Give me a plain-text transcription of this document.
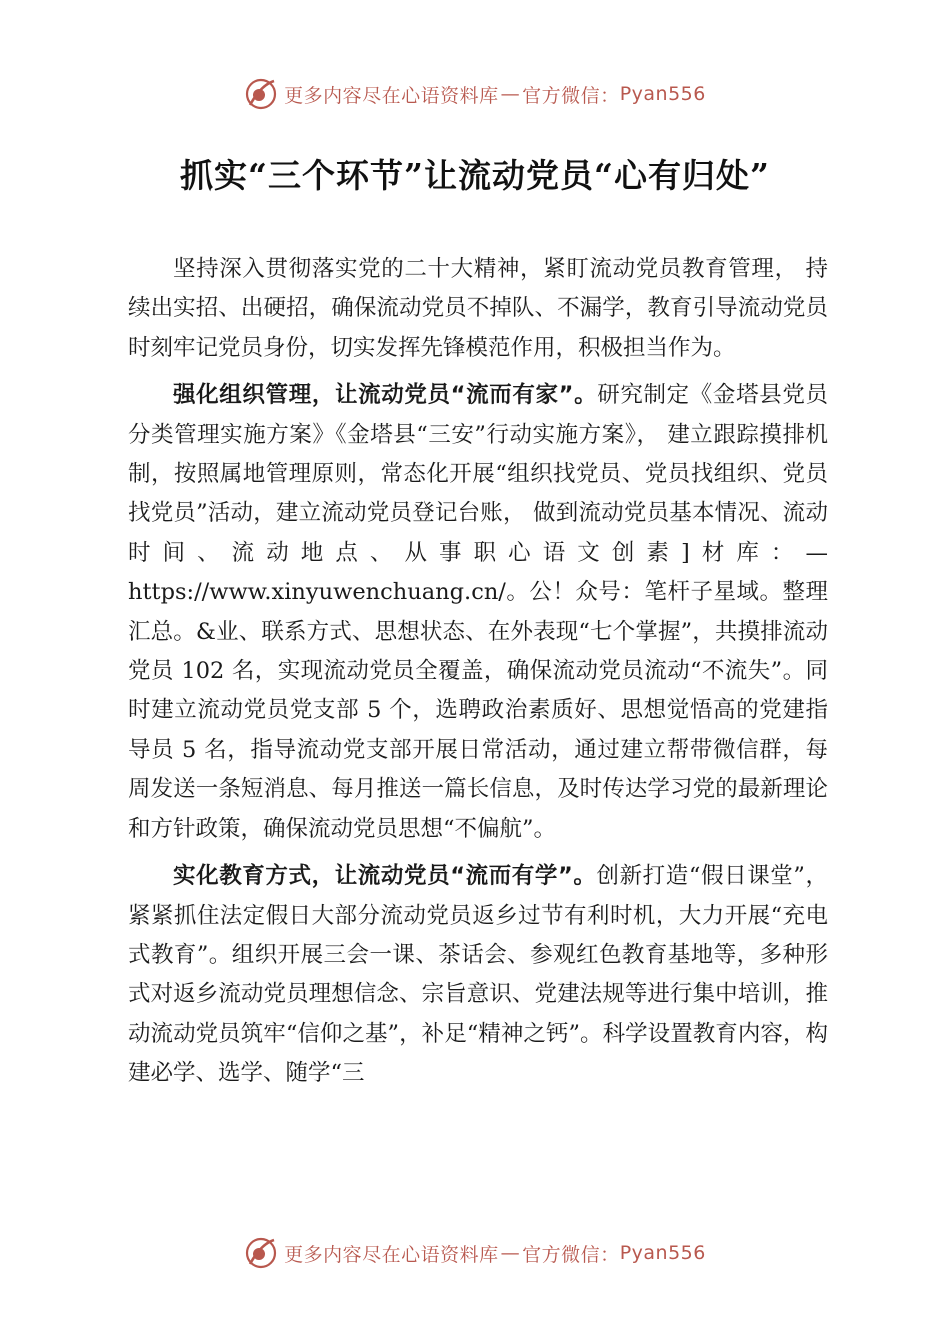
更多内容尽在心语资料库 — 官方微信： Pyan556
抓实“三个环节”让流动党员“心有归处”

坚持深入贯彻落实党的二十大精神，紧盯流动党员教育管理， 持续出实招、出硬招，确保流动党员不掉队、不漏学，教育引导流动党员时刻牢记党员身份，切实发挥先锋模范作用，积极担当作为。

强化组织管理，让流动党员“流而有家”。研究制定《金塔县党员分类管理实施方案》《金塔县“三安”行动实施方案》， 建立跟踪摸排机制，按照属地管理原则，常态化开展“组织找党员、党员找组织、党员找党员”活动，建立流动党员登记台账， 做到流动党员基本情况、流动时间、流动地点、从事职心语文创素]材库：—https://www.xinyuwenchuang.cn/。公！众号：笔杆子星域。整理汇总。&业、联系方式、思想状态、在外表现“七个掌握”，共摸排流动党员 102 名，实现流动党员全覆盖，确保流动党员流动“不流失”。同时建立流动党员党支部 5 个，选聘政治素质好、思想觉悟高的党建指导员 5 名，指导流动党支部开展日常活动，通过建立帮带微信群，每周发送一条短消息、每月推送一篇长信息，及时传达学习党的最新理论和方针政策，确保流动党员思想“不偏航”。

实化教育方式，让流动党员“流而有学”。创新打造“假日课堂”，紧紧抓住法定假日大部分流动党员返乡过节有利时机，大力开展“充电式教育”。组织开展三会一课、茶话会、参观红色教育基地等，多种形式对返乡流动党员理想信念、宗旨意识、党建法规等进行集中培训，推动流动党员筑牢“信仰之基”，补足“精神之钙”。科学设置教育内容，构建必学、选学、随学“三

更多内容尽在心语资料库 — 官方微信： Pyan556
